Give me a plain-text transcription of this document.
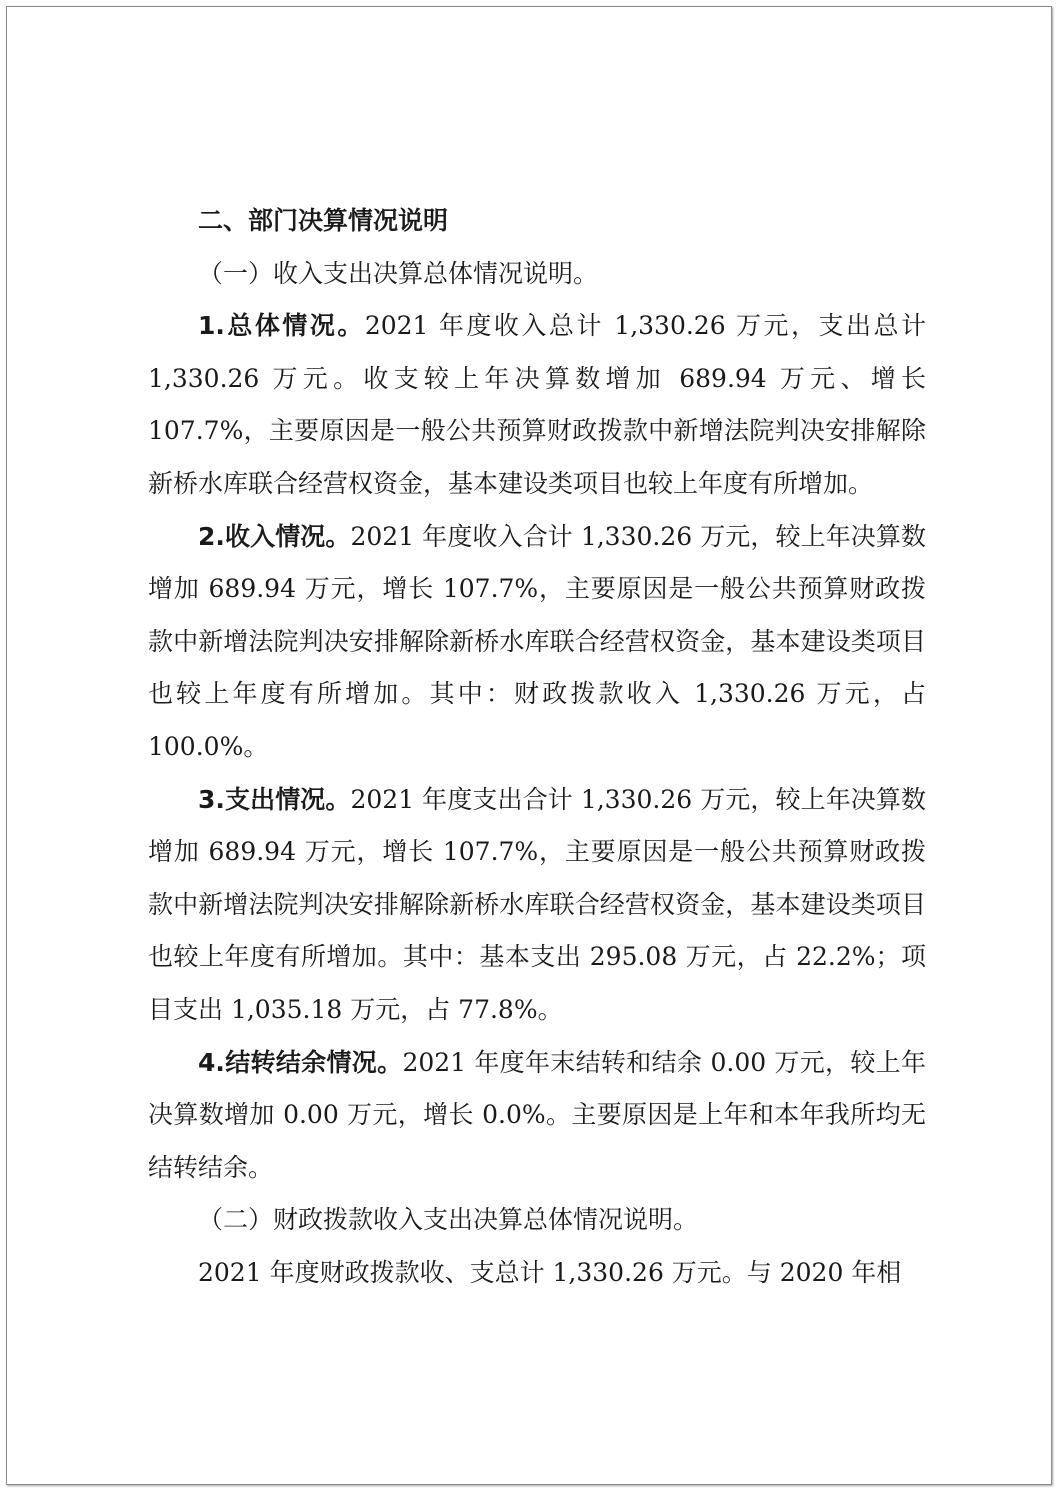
二、部门决算情况说明
（一）收入支出决算总体情况说明。

1.总体情况。2021 年度收入总计 1,330.26 万元，支出总计 1,330.26 万元。收支较上年决算数增加 689.94 万元、增长 107.7%，主要原因是一般公共预算财政拨款中新增法院判决安排解除新桥水库联合经营权资金，基本建设类项目也较上年度有所增加。

2.收入情况。2021 年度收入合计 1,330.26 万元，较上年决算数增加 689.94 万元，增长 107.7%，主要原因是一般公共预算财政拨款中新增法院判决安排解除新桥水库联合经营权资金，基本建设类项目也较上年度有所增加。其中：财政拨款收入 1,330.26 万元，占 100.0%。

3.支出情况。2021 年度支出合计 1,330.26 万元，较上年决算数增加 689.94 万元，增长 107.7%，主要原因是一般公共预算财政拨款中新增法院判决安排解除新桥水库联合经营权资金，基本建设类项目也较上年度有所增加。其中：基本支出 295.08 万元，占 22.2%；项目支出 1,035.18 万元，占 77.8%。

4.结转结余情况。2021 年度年末结转和结余 0.00 万元，较上年决算数增加 0.00 万元，增长 0.0%。主要原因是上年和本年我所均无结转结余。

（二）财政拨款收入支出决算总体情况说明。

2021 年度财政拨款收、支总计 1,330.26 万元。与 2020 年相
